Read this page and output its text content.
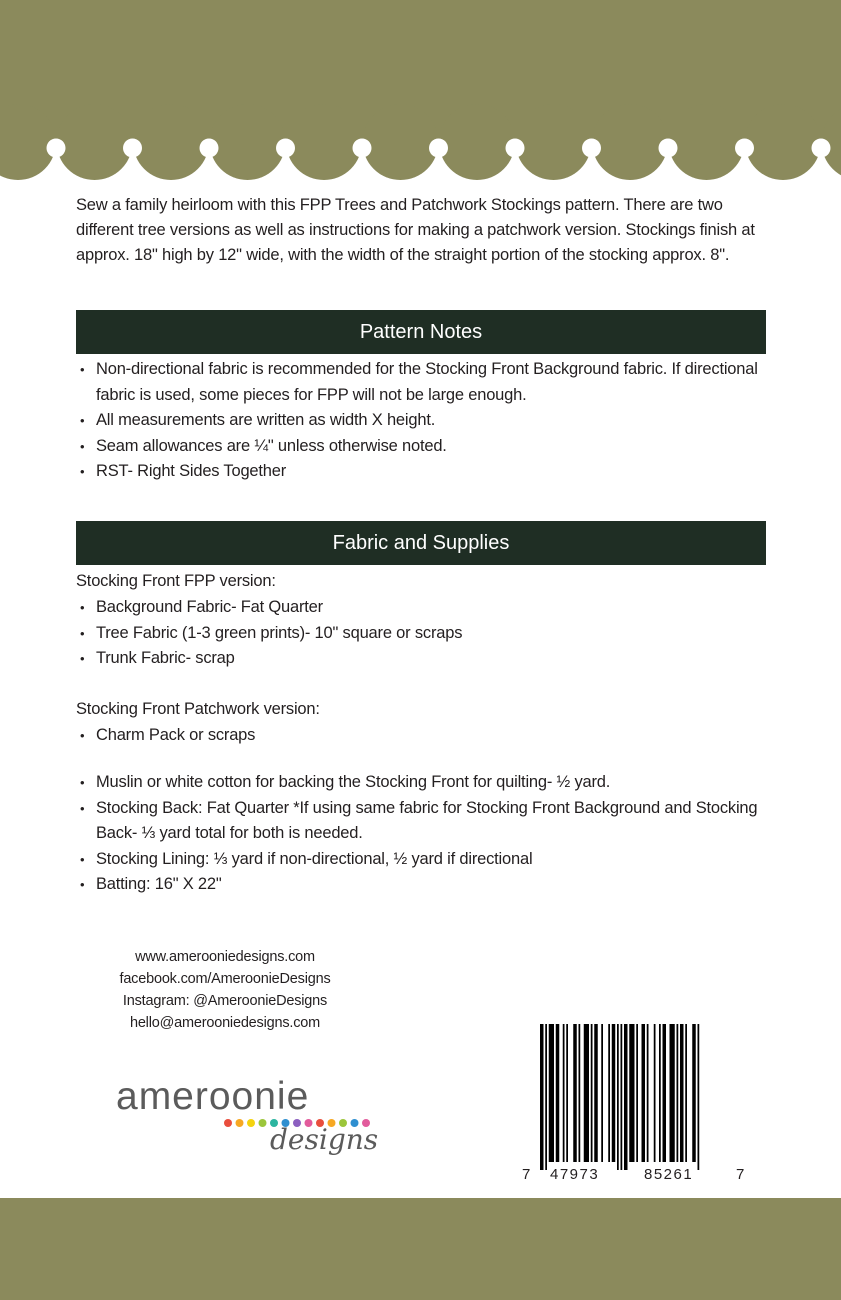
Sew a family heirloom with this FPP Trees and Patchwork Stockings pattern. There are two different tree versions as well as instructions for making a patchwork version. Stockings finish at approx. 18" high by 12" wide, with the width of the straight portion of the stocking approx. 8".

Pattern Notes
• Non-directional fabric is recommended for the Stocking Front Background fabric. If directional fabric is used, some pieces for FPP will not be large enough.
• All measurements are written as width X height.
• Seam allowances are ¼" unless otherwise noted.
• RST- Right Sides Together
Fabric and Supplies
Stocking Front FPP version:
• Background Fabric- Fat Quarter
• Tree Fabric (1-3 green prints)- 10" square or scraps
• Trunk Fabric- scrap
Stocking Front Patchwork version:
• Charm Pack or scraps
• Muslin or white cotton for backing the Stocking Front for quilting- ½ yard.
• Stocking Back: Fat Quarter *If using same fabric for Stocking Front Background and Stocking Back- ⅓ yard total for both is needed.
• Stocking Lining: ⅓ yard if non-directional, ½ yard if directional
• Batting: 16" X 22"
www.amerooniedesigns.com
facebook.com/AmeroonieDesigns
Instagram: @AmeroonieDesigns
hello@amerooniedesigns.com
ameroonie
designs
7 47973	85261	7
